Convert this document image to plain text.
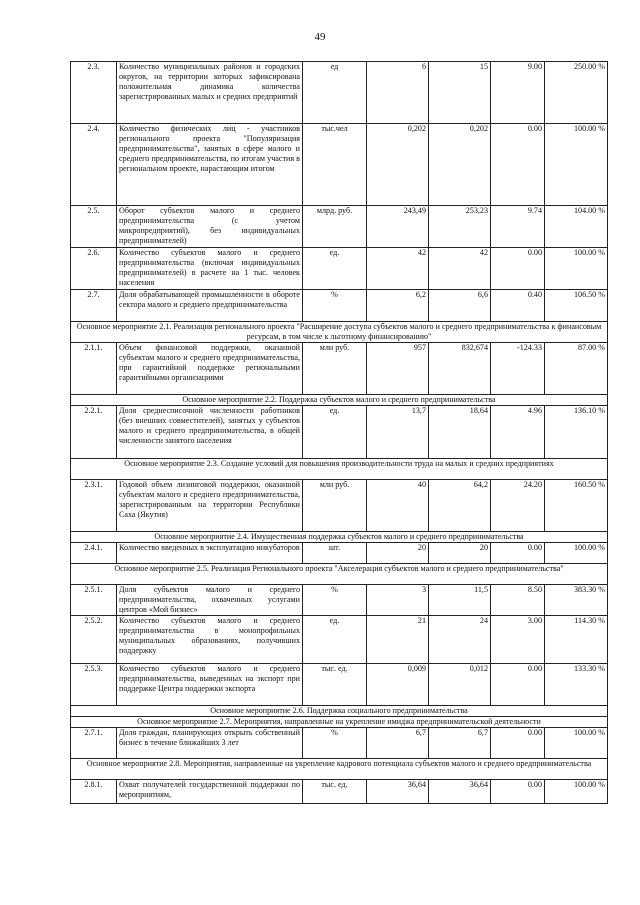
49
2.3.	Количество муниципальных районов и городских округов, на территории которых зафиксирована положительная динамика количества зарегистрированных малых и средних предприятий	ед	6	15	9.00	250.00 %
2.4.	Количество физических лиц - участников регионального проекта "Популяризация предпринимательства", занятых в сфере малого и среднего предпринимательства, по итогам участия в региональном проекте, нарастающим итогом	тыс.чел	0,202	0,202	0.00	100.00 %
2.5.	Оборот субъектов малого и среднего предпринимательства (с учетом микропредприятий), без индивидуальных предпринимателей)	млрд. руб.	243,49	253,23	9.74	104.00 %
2.6.	Количество субъектов малого и среднего предпринимательства (включая индивидуальных предпринимателей) в расчете на 1 тыс. человек населения	ед.	42	42	0.00	100.00 %
2.7.	Доля обрабатывающей промышленности в обороте сектора малого и среднего предпринимательства	%	6,2	6,6	0.40	106.50 %
Основное мероприятие 2.1. Реализация регионального проекта "Расширение доступа субъектов малого и среднего предпринимательства к финансовым ресурсам, в том числе к льготному финансированию"						
2.1.1.	Объем финансовой поддержки, оказанной субъектам малого и среднего предпринимательства, при гарантийной поддержке региональными гарантийными организациями	млн руб.	957	832,674	-124.33	87.00 %
Основное мероприятие 2.2. Поддержка субъектов малого и среднего предпринимательства						
2.2.1.	Доля среднесписочной численности работников (без внешних совместителей), занятых у субъектов малого и среднего предпринимательства, в общей численности занятого населения	ед.	13,7	18,64	4.96	136.10 %
Основное мероприятие 2.3. Создание условий для повышения производительности труда на малых и средних предприятиях						
2.3.1.	Годовой объем лизинговой поддержки, оказанной субъектам малого и среднего предпринимательства, зарегистрированным на территории Республики Саха (Якутия)	млн руб.	40	64,2	24.20	160.50 %
Основное мероприятие 2.4. Имущественная поддержка субъектов малого и среднего предпринимательства						
2.4.1.	Количество введенных в эксплуатацию инкубаторов	шт.	20	20	0.00	100.00 %
Основное мероприятие 2.5. Реализация Регионального проекта "Акселерация субъектов малого и среднего предпринимательства"						
2.5.1.	Доля субъектов малого и среднего предпринимательства, охваченных услугами центров «Мой бизнес»	%	3	11,5	8.50	383.30 %
2.5.2.	Количество субъектов малого и среднего предпринимательства в монопрофильных муниципальных образованиях, получивших поддержку	ед.	21	24	3.00	114.30 %
2.5.3.	Количество субъектов малого и среднего предпринимательства, выведенных на экспорт при поддержке Центра поддержки экспорта	тыс. ед.	0,009	0,012	0.00	133.30 %
Основное мероприятие 2.6. Поддержка социального предпринимательства						
Основное мероприятие 2.7. Мероприятия, направленные на укрепление имиджа предпринимательской деятельности						
2.7.1.	Доля граждан, планирующих открыть собственный бизнес в течение ближайших 3 лет	%	6,7	6,7	0.00	100.00 %
Основное мероприятие 2.8. Мероприятия, направленные на укрепление кадрового потенциала субъектов малого и среднего предпринимательства						
2.8.1.	Охват получателей государственной поддержки по мероприятиям,	тыс. ед.	36,64	36,64	0.00	100.00 %
